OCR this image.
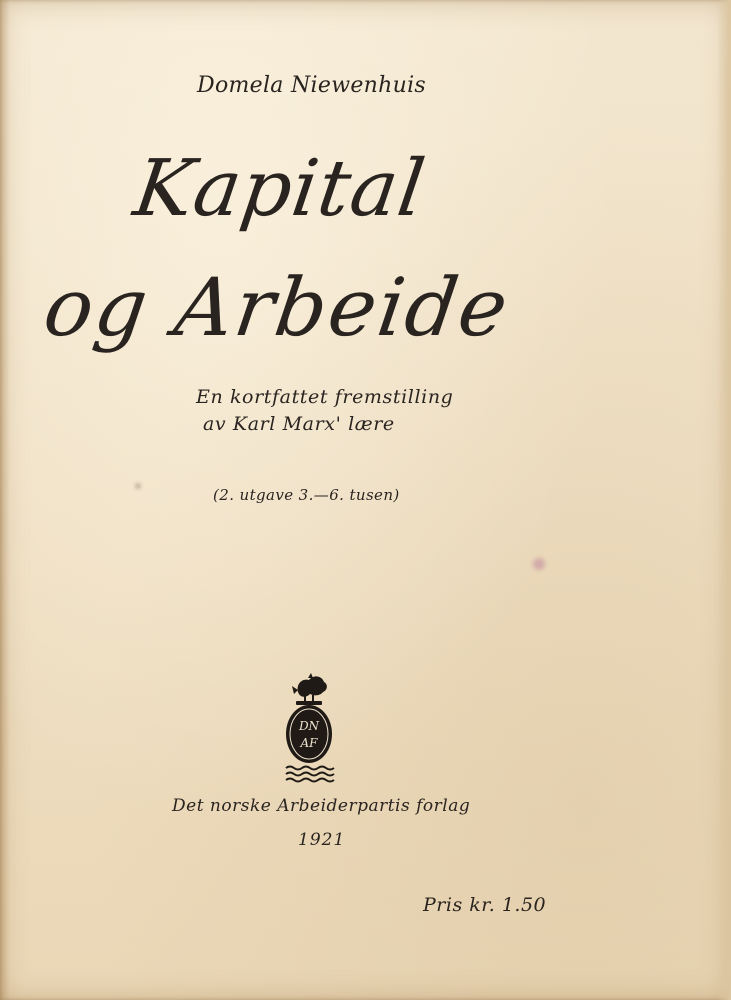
Domela Niewenhuis
Kapital
og Arbeide
En kortfattet fremstilling
av Karl Marx' lære
(2. utgave 3.—6. tusen)
DN
AF
Det norske Arbeiderpartis forlag
1921
Pris kr. 1.50
